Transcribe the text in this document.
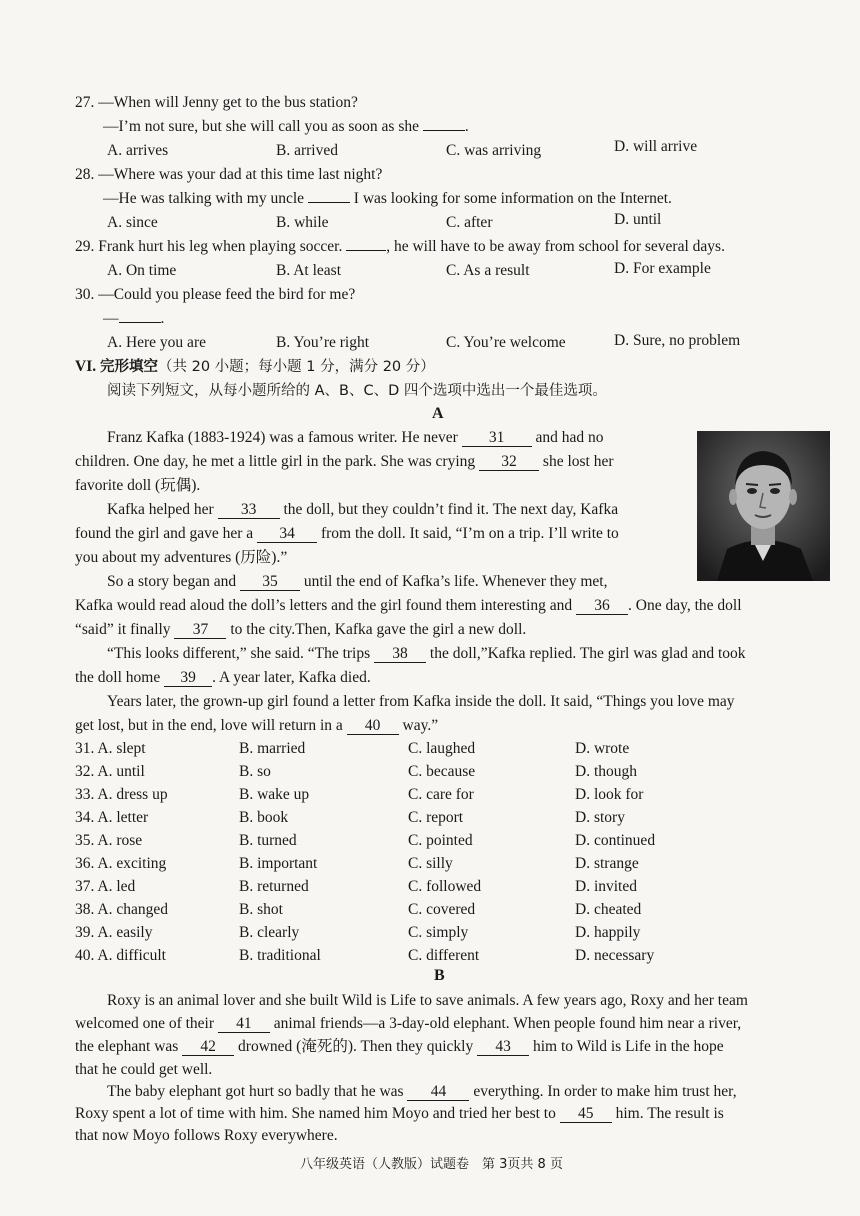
27. —When will Jenny get to the bus station?
—I’m not sure, but she will call you as soon as she	.
A. arrives	B. arrived	C. was arriving	D. will arrive
28. —Where was your dad at this time last night?
—He was talking with my uncle	I was looking for some information on the Internet.
A. since	B. while	C. after	D. until
29. Frank hurt his leg when playing soccer.	, he will have to be away from school for several days.
A. On time	B. At least	C. As a result	D. For example
30. —Could you please feed the bird for me?
—	.
A. Here you are	B. You’re right	C. You’re welcome	D. Sure, no problem
VI. 完形填空（共 20 小题；每小题 1 分，满分 20 分）
阅读下列短文，从每小题所给的 A、B、C、D 四个选项中选出一个最佳选项。
A
Franz Kafka (1883-1924) was a famous writer. He never 31 and had no
children. One day, he met a little girl in the park. She was crying 32 she lost her
favorite doll (玩偶).
Kafka helped her 33 the doll, but they couldn’t find it. The next day, Kafka
found the girl and gave her a 34 from the doll. It said, “I’m on a trip. I’ll write to
you about my adventures (历险).”
So a story began and 35 until the end of Kafka’s life. Whenever they met,
Kafka would read aloud the doll’s letters and the girl found them interesting and 36 . One day, the doll
“said” it finally 37 to the city.Then, Kafka gave the girl a new doll.
“This looks different,” she said. “The trips 38 the doll,”Kafka replied. The girl was glad and took
the doll home 39 . A year later, Kafka died.
Years later, the grown-up girl found a letter from Kafka inside the doll. It said, “Things you love may
get lost, but in the end, love will return in a 40 way.”
31. A. slept	B. married	C. laughed	D. wrote
32. A. until	B. so	C. because	D. though
33. A. dress up	B. wake up	C. care for	D. look for
34. A. letter	B. book	C. report	D. story
35. A. rose	B. turned	C. pointed	D. continued
36. A. exciting	B. important	C. silly	D. strange
37. A. led	B. returned	C. followed	D. invited
38. A. changed	B. shot	C. covered	D. cheated
39. A. easily	B. clearly	C. simply	D. happily
40. A. difficult	B. traditional	C. different	D. necessary
B
Roxy is an animal lover and she built Wild is Life to save animals. A few years ago, Roxy and her team
welcomed one of their 41 animal friends—a 3-day-old elephant. When people found him near a river,
the elephant was 42 drowned (淹死的). Then they quickly 43 him to Wild is Life in the hope
that he could get well.
The baby elephant got hurt so badly that he was 44 everything. In order to make him trust her,
Roxy spent a lot of time with him. She named him Moyo and tried her best to 45 him. The result is
that now Moyo follows Roxy everywhere.
八年级英语（人教版）试题卷　第 3页共 8 页
